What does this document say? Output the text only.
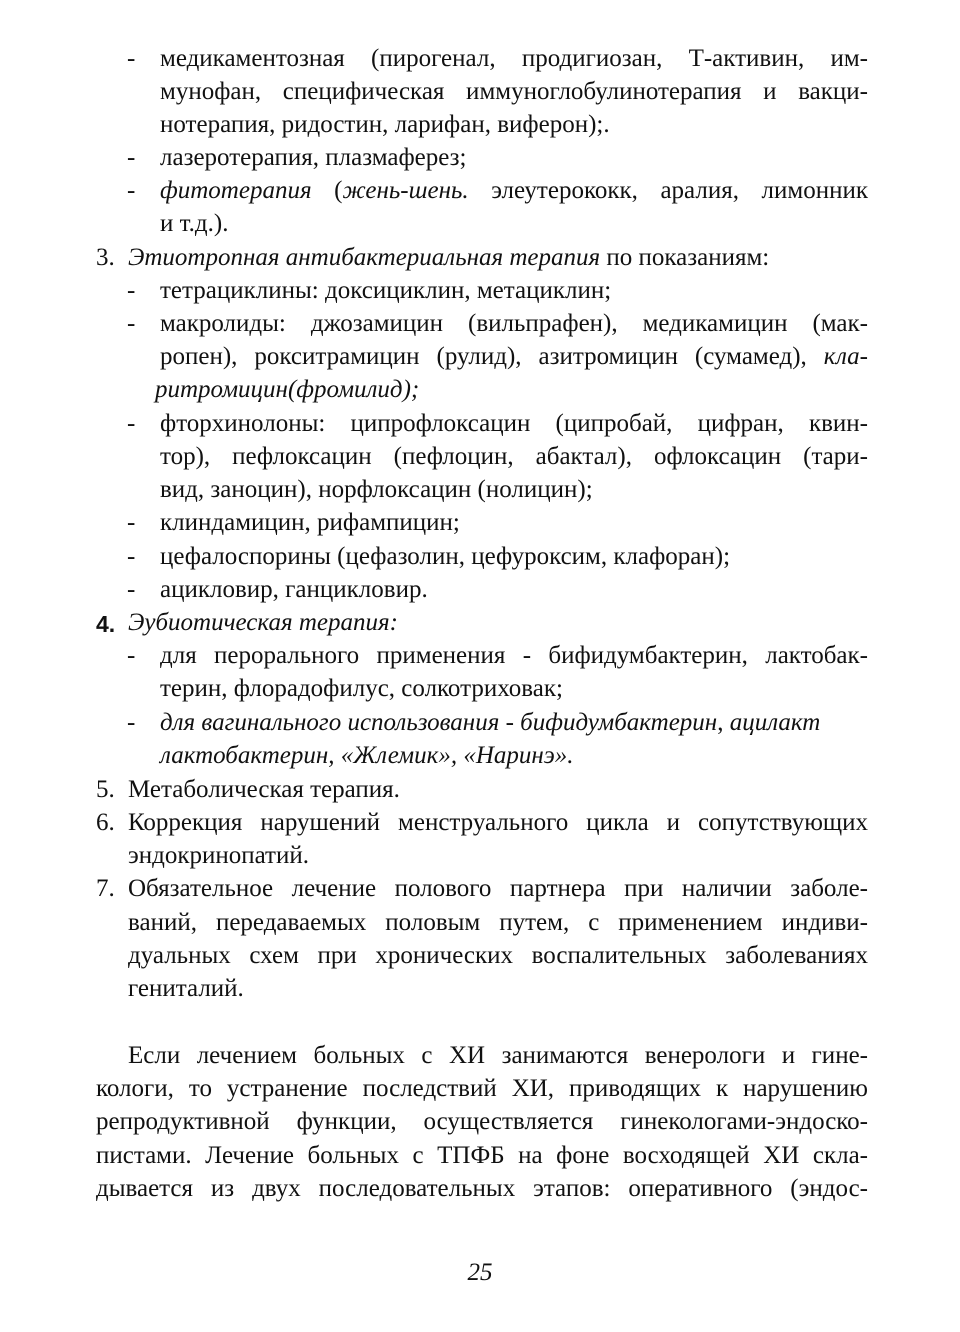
- медикаментозная (пирогенал, продигиозан, Т-активин, им-
мунофан, специфическая иммуноглобулинотерапия и вакци-
нотерапия, ридостин, ларифан, виферон);.
- лазеротерапия, плазмаферез;
- фитотерапия (жень-шень. элеутерококк, аралия, лимонник
и т.д.).
3. Этиотропная антибактериальная терапия по показаниям:
- тетрациклины: доксициклин, метациклин;
- макролиды: джозамицин (вильпрафен), медикамицин (мак-
ропен), рокситрамицин (рулид), азитромицин (сумамед), кла-
ритромицин(фромилид);
- фторхинолоны: ципрофлоксацин (ципробай, цифран, квин-
тор), пефлоксацин (пефлоцин, абактал), офлоксацин (тари-
вид, заноцин), норфлоксацин (нолицин);
- клиндамицин, рифампицин;
- цефалоспорины (цефазолин, цефуроксим, клафоран);
- ацикловир, ганцикловир.
4. Эубиотическая терапия:
- для перорального применения - бифидумбактерин, лактобак-
терин, флорадофилус, солкотриховак;
- для вагинального использования - бифидумбактерин, ацилакт
лактобактерин, «Жлемик», «Наринэ».
5. Метаболическая терапия.
6. Коррекция нарушений менструального цикла и сопутствующих
эндокринопатий.
7. Обязательное лечение полового партнера при наличии заболе-
ваний, передаваемых половым путем, с применением индиви-
дуальных схем при хронических воспалительных заболеваниях
гениталий.
Если лечением больных с ХИ занимаются венерологи и гине-
кологи, то устранение последствий ХИ, приводящих к нарушению
репродуктивной функции, осуществляется гинекологами-эндоско-
пистами. Лечение больных с ТПФБ на фоне восходящей ХИ скла-
дывается из двух последовательных этапов: оперативного (эндос-
25
